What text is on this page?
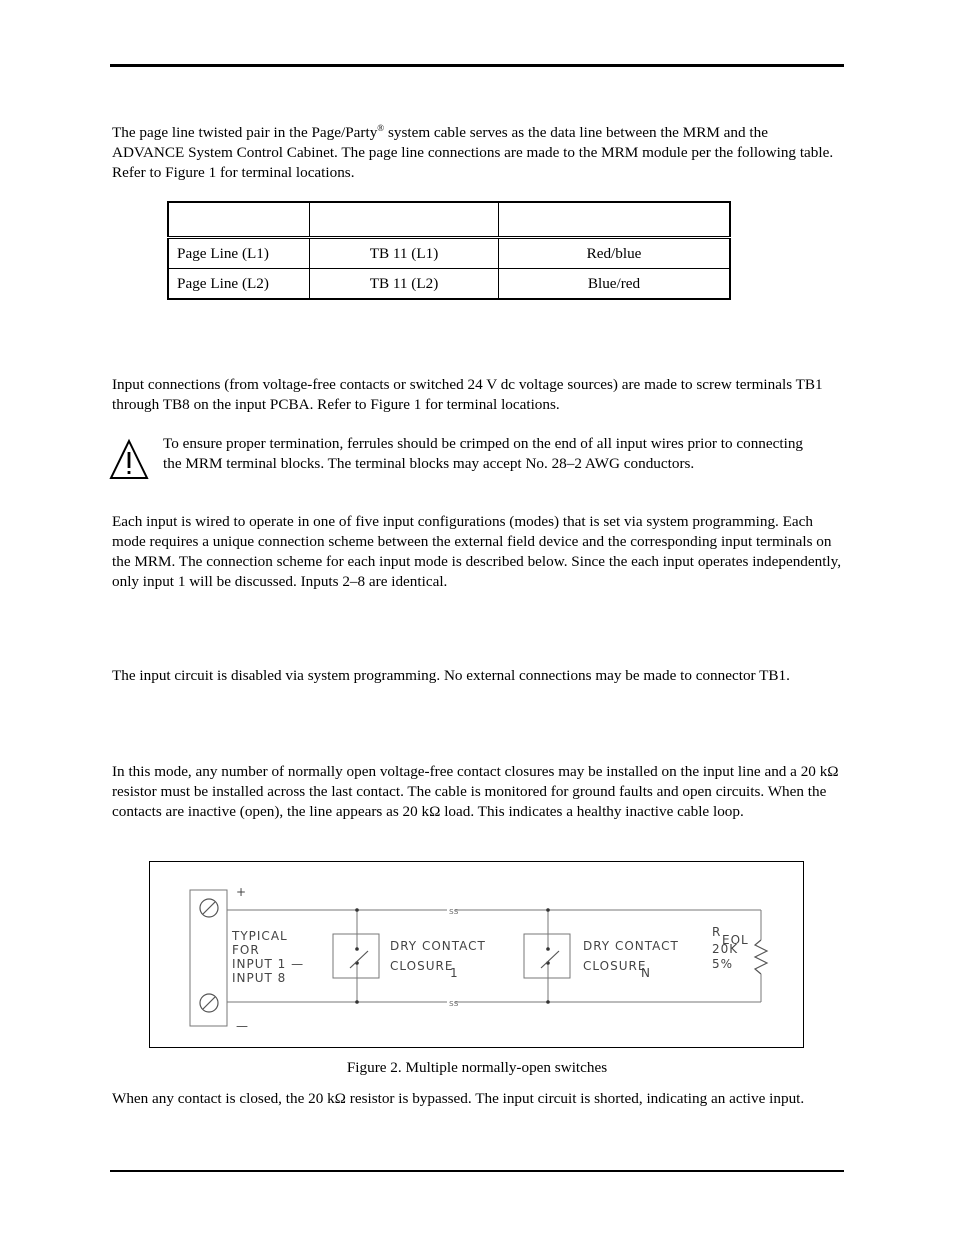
The page line twisted pair in the Page/Party® system cable serves as the data line between the MRM and the ADVANCE System Control Cabinet. The page line connections are made to the MRM module per the following table. Refer to Figure 1 for terminal locations.

Page Line (L1)	TB 11 (L1)	Red/blue
Page Line (L2)	TB 11 (L2)	Blue/red

Input connections (from voltage-free contacts or switched 24 V dc voltage sources) are made to screw terminals TB1 through TB8 on the input PCBA. Refer to Figure 1 for terminal locations.

To ensure proper termination, ferrules should be crimped on the end of all input wires prior to connecting the MRM terminal blocks. The terminal blocks may accept No. 28–2 AWG conductors.

Each input is wired to operate in one of five input configurations (modes) that is set via system programming. Each mode requires a unique connection scheme between the external field device and the corresponding input terminals on the MRM. The connection scheme for each input mode is described below. Since the each input operates independently, only input 1 will be discussed. Inputs 2–8 are identical.

The input circuit is disabled via system programming. No external connections may be made to connector TB1.

In this mode, any number of normally open voltage-free contact closures may be installed on the input line and a 20 kΩ resistor must be installed across the last contact. The cable is monitored for ground faults and open circuits. When the contacts are inactive (open), the line appears as 20 kΩ load. This indicates a healthy inactive cable loop.

+
—
ss
ss
TYPICAL
FOR
INPUT 1 —
INPUT 8
DRY CONTACT
CLOSURE
1
DRY CONTACT
CLOSURE
N
R
EOL
20K
5%
Figure 2. Multiple normally-open switches

When any contact is closed, the 20 kΩ resistor is bypassed. The input circuit is shorted, indicating an active input.
